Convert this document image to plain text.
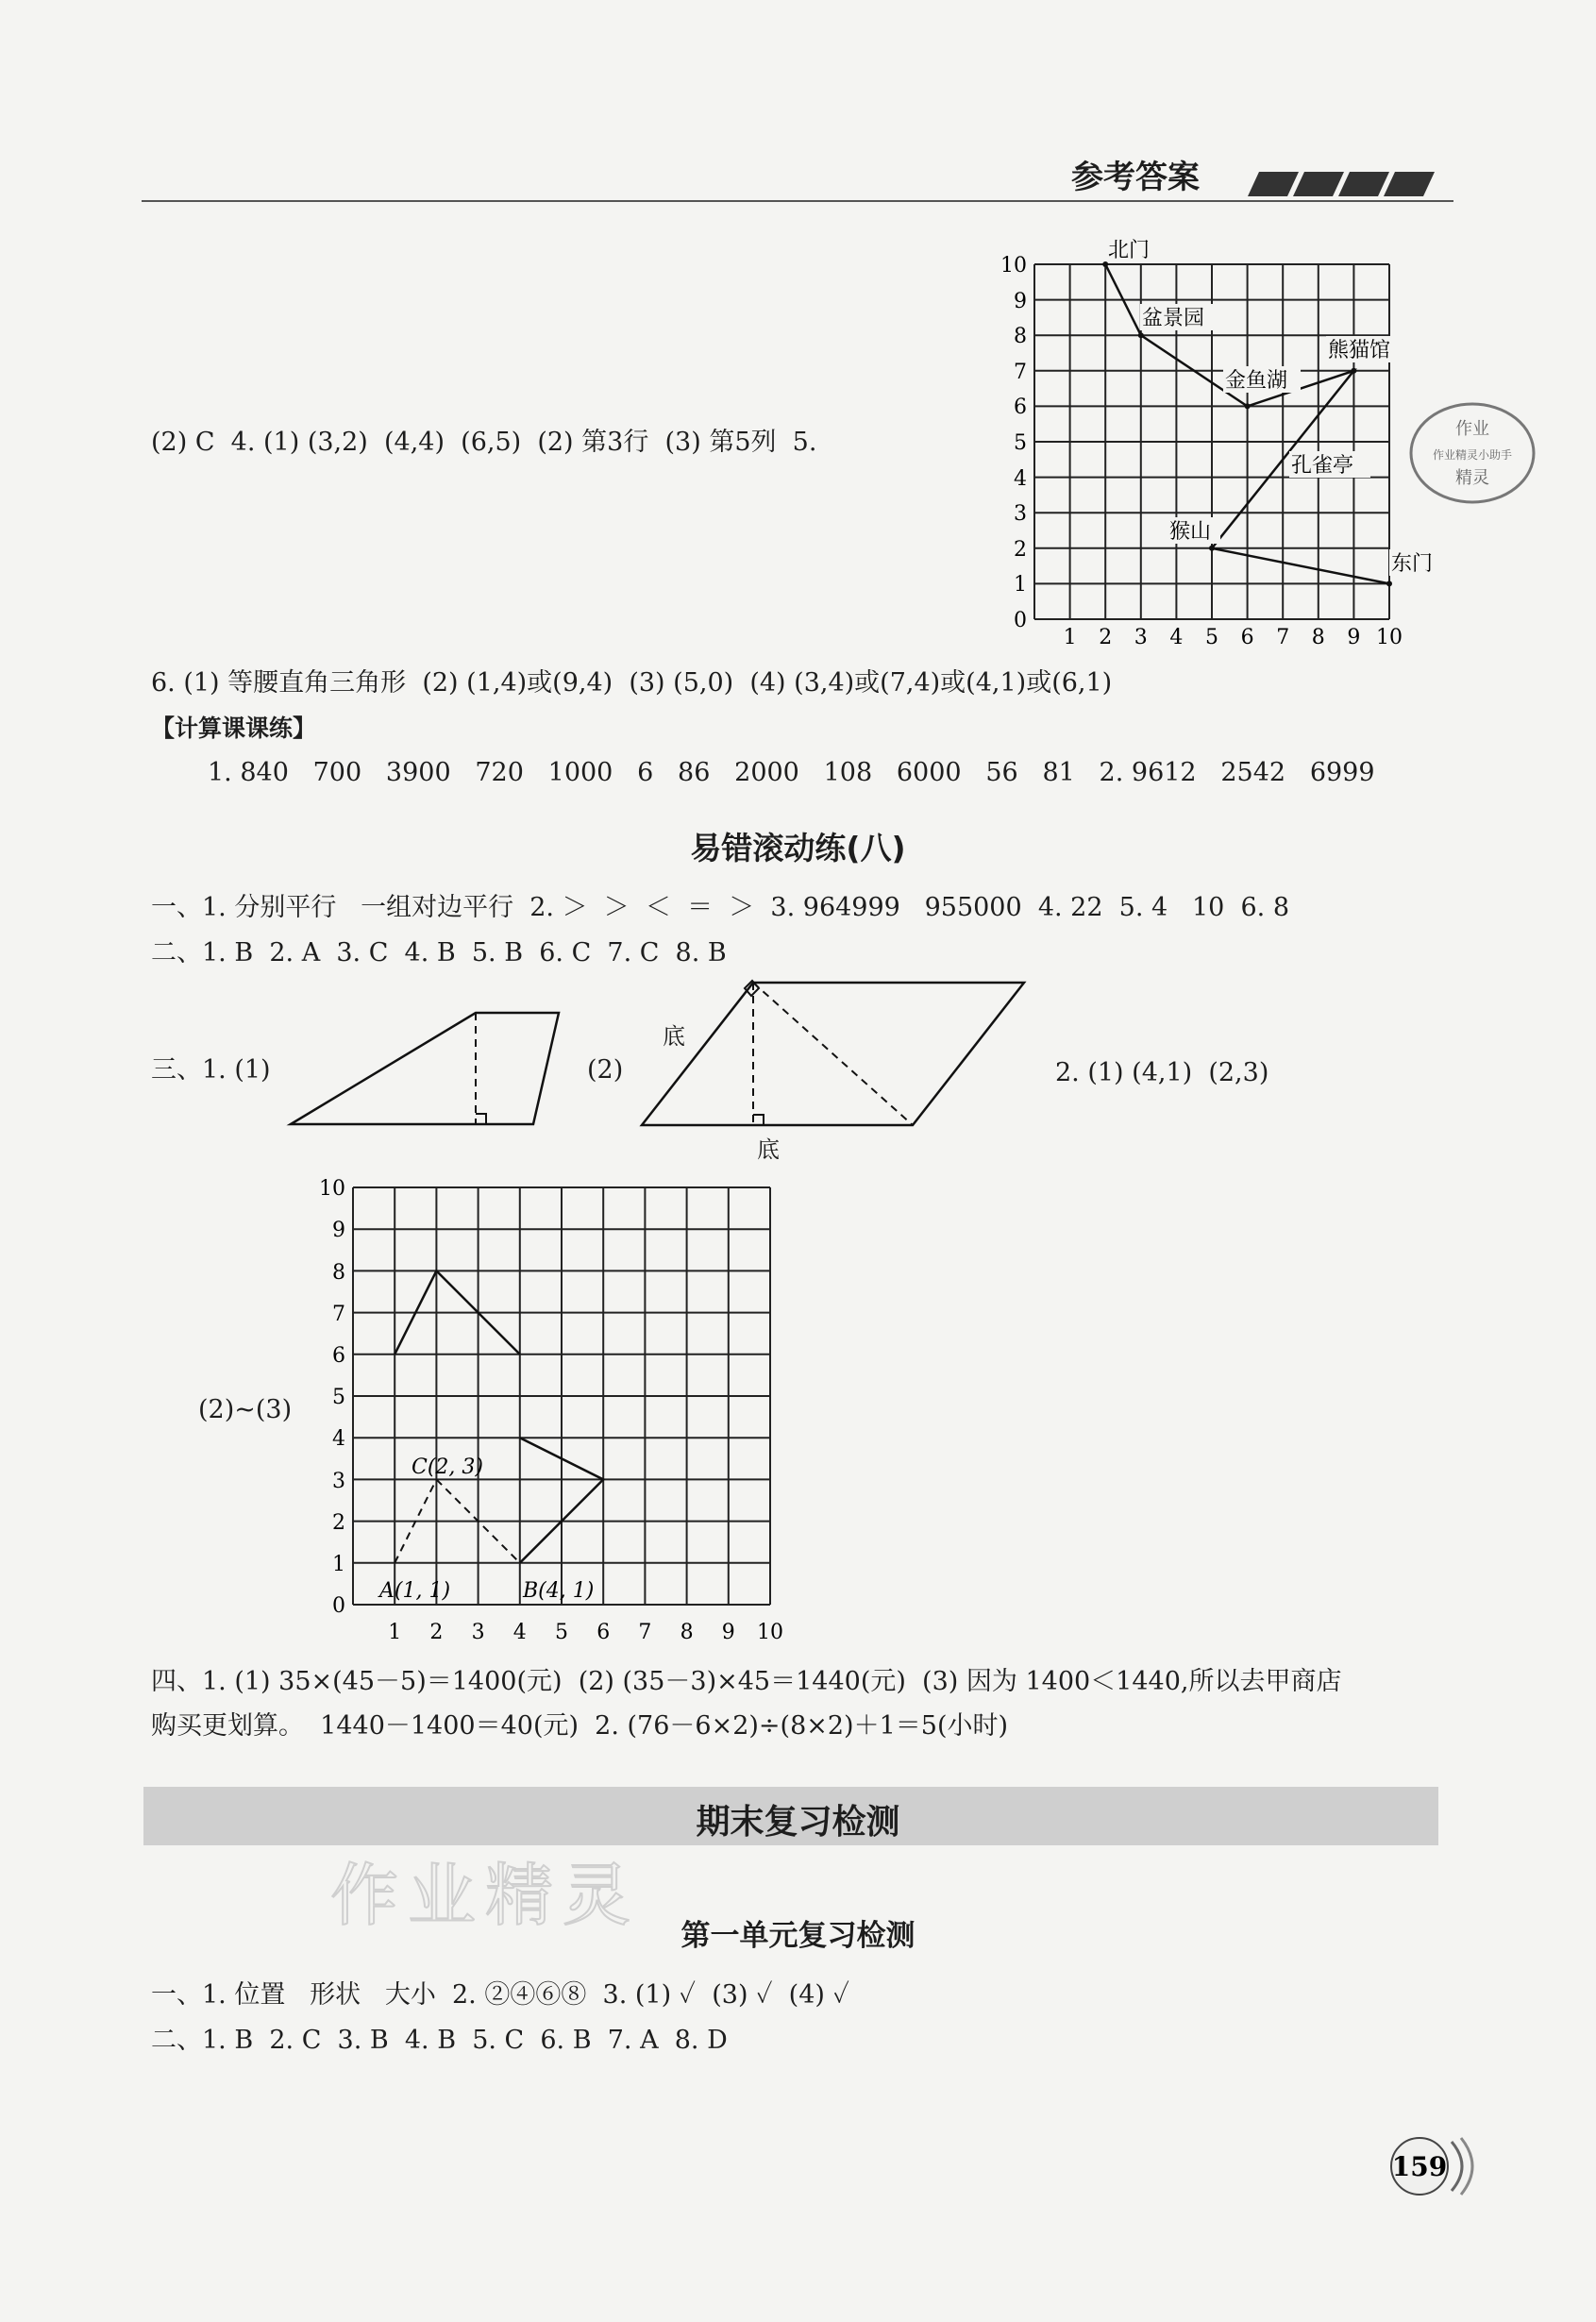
参考答案
(2) C  4. (1) (3,2)  (4,4)  (6,5)  (2) 第3行  (3) 第5列  5.
1 2 3 4 5 6 7 8 9 10
0
1
2
3
4
5
6
7
8
9
10
北门
盆景园
金鱼湖
熊猫馆
孔雀亭
猴山
东门
作业
作业精灵小助手
精灵
6. (1) 等腰直角三角形  (2) (1,4)或(9,4)  (3) (5,0)  (4) (3,4)或(7,4)或(4,1)或(6,1)
【计算课课练】
1. 840   700   3900   720   1000   6   86   2000   108   6000   56   81   2. 9612   2542   6999
易错滚动练(八)
一、1. 分别平行   一组对边平行  2. ＞  ＞  ＜  ＝  ＞  3. 964999   955000  4. 22  5. 4   10  6. 8
二、1. B  2. A  3. C  4. B  5. B  6. C  7. C  8. B
三、1. (1)	(2)	2. (1) (4,1)  (2,3)
底
底
(2)~(3)
1 2 3 4 5 6 7 8 9 10
0
1
2
3
4
5
6
7
8
9
10
C(2, 3)
A(1, 1)	B(4, 1)
四、1. (1) 35×(45－5)＝1400(元)  (2) (35－3)×45＝1440(元)  (3) 因为 1400＜1440,所以去甲商店
购买更划算。  1440－1400＝40(元)  2. (76－6×2)÷(8×2)＋1＝5(小时)
期末复习检测
第一单元复习检测
一、1. 位置   形状   大小  2. ②④⑥⑧  3. (1) ✓  (3) ✓  (4) ✓
二、1. B  2. C  3. B  4. B  5. C  6. B  7. A  8. D
作业精灵
159
